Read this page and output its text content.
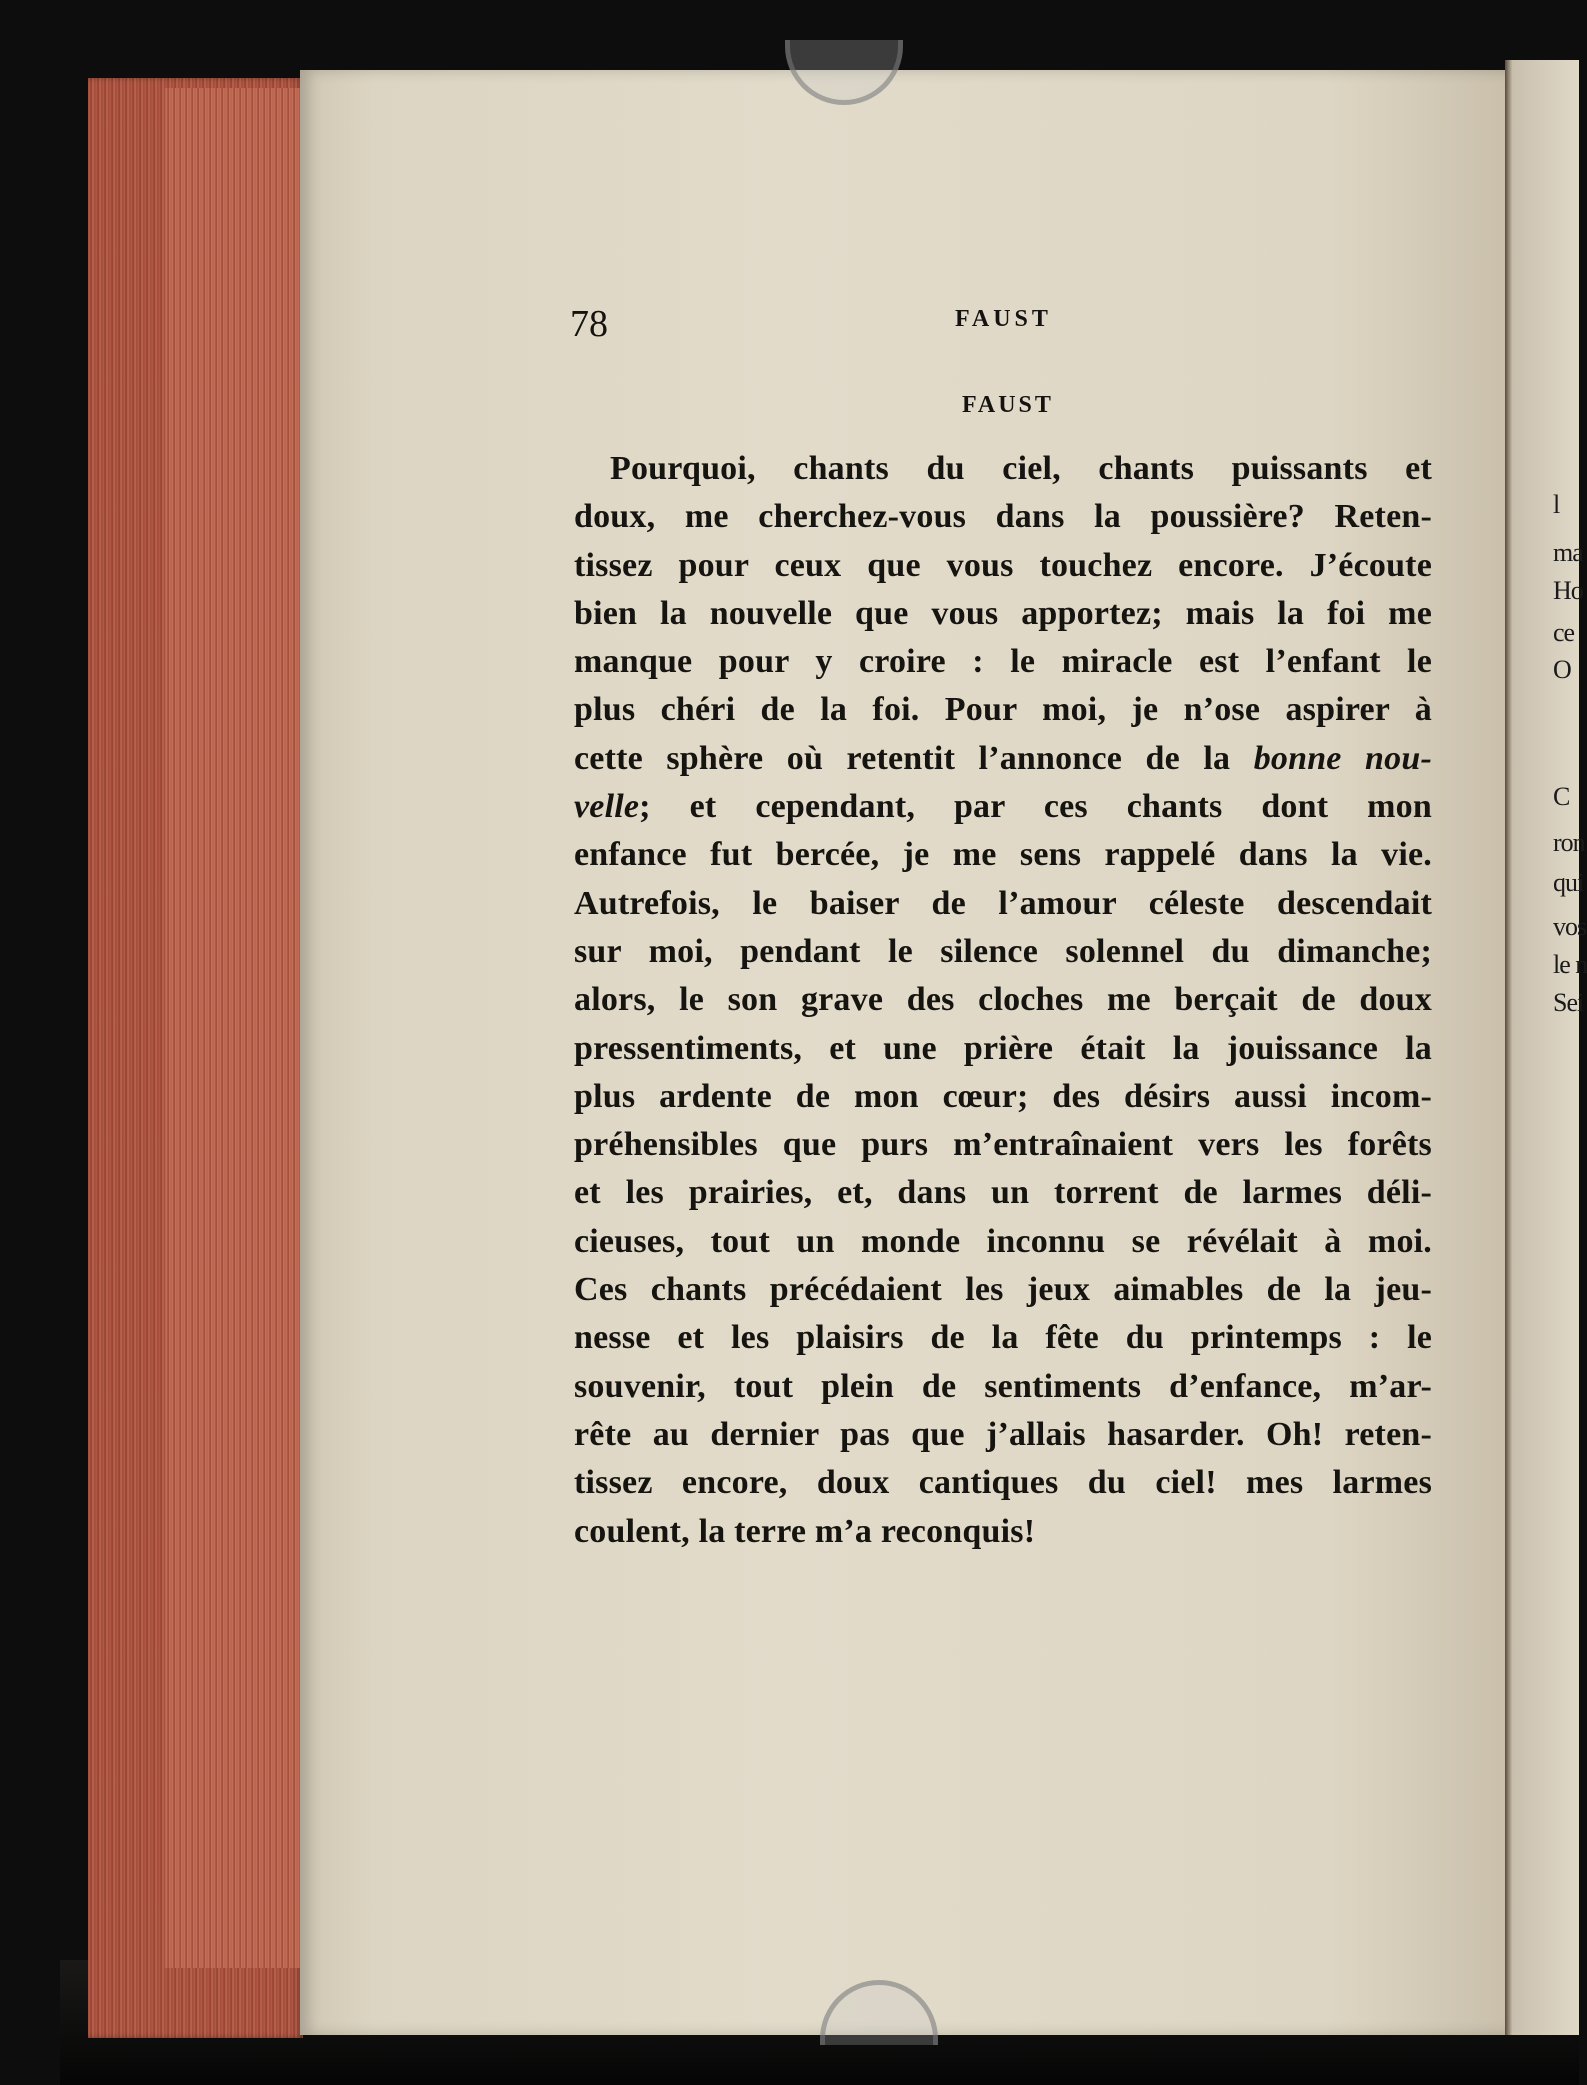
l
ma
Ho
ce
O
C
ron
qui
vos
le n
Sei
78	FAUST
FAUST
Pourquoi, chants du ciel, chants puissants et
doux, me cherchez-vous dans la poussière? Reten-
tissez pour ceux que vous touchez encore. J’écoute
bien la nouvelle que vous apportez; mais la foi me
manque pour y croire : le miracle est l’enfant le
plus chéri de la foi. Pour moi, je n’ose aspirer à
cette sphère où retentit l’annonce de la bonne nou-
velle; et cependant, par ces chants dont mon
enfance fut bercée, je me sens rappelé dans la vie.
Autrefois, le baiser de l’amour céleste descendait
sur moi, pendant le silence solennel du dimanche;
alors, le son grave des cloches me berçait de doux
pressentiments, et une prière était la jouissance la
plus ardente de mon cœur; des désirs aussi incom-
préhensibles que purs m’entraînaient vers les forêts
et les prairies, et, dans un torrent de larmes déli-
cieuses, tout un monde inconnu se révélait à moi.
Ces chants précédaient les jeux aimables de la jeu-
nesse et les plaisirs de la fête du printemps : le
souvenir, tout plein de sentiments d’enfance, m’ar-
rête au dernier pas que j’allais hasarder. Oh! reten-
tissez encore, doux cantiques du ciel! mes larmes
coulent, la terre m’a reconquis!
